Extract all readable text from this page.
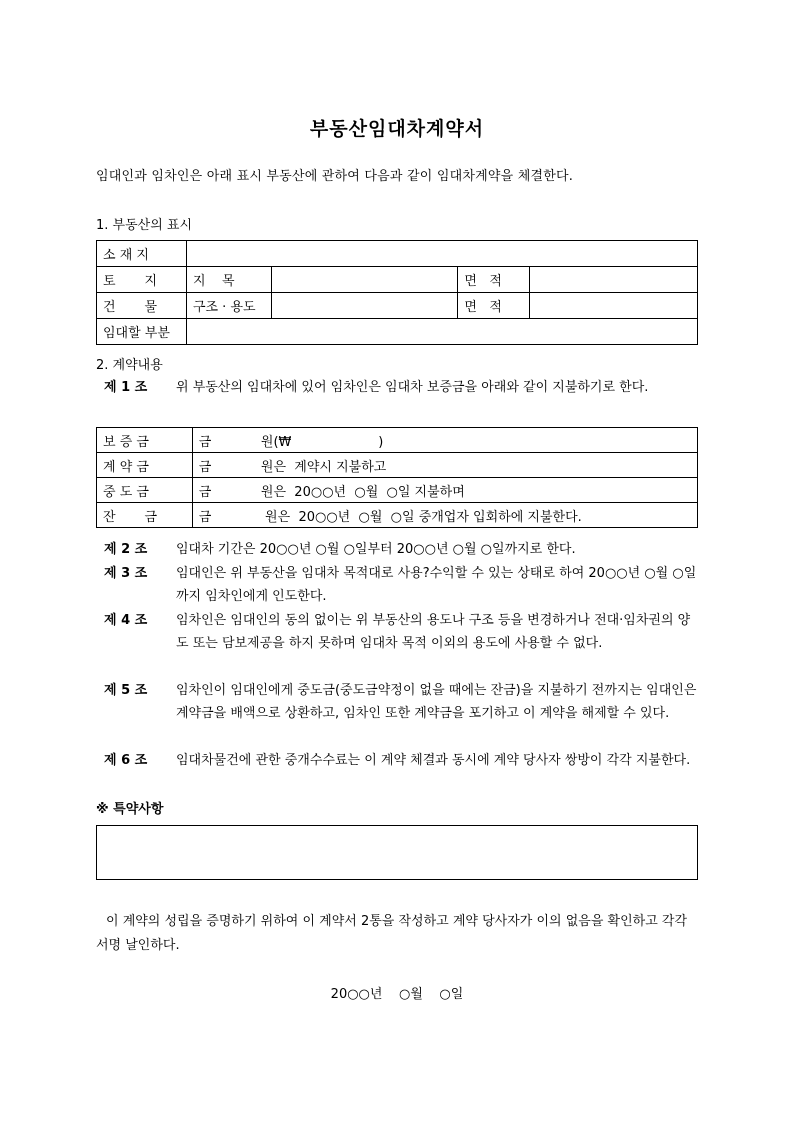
부동산임대차계약서
임대인과 임차인은 아래 표시 부동산에 관하여 다음과 같이 임대차계약을 체결한다.
1. 부동산의 표시
소 재 지				
토       지	지    목		면   적	
건       물	구조 · 용도		면   적	
임대할 부분				
2. 계약내용
제 1 조 위 부동산의 임대차에 있어 임차인은 임대차 보증금을 아래와 같이 지불하기로 한다.
보 증 금	금            원(₩                     )
계 약 금	금            원은  계약시 지불하고
중 도 금	금            원은  20○○년  ○월  ○일 지불하며
잔       금	금             원은  20○○년  ○월  ○일 중개업자 입회하에 지불한다.
제 2 조 임대차 기간은 20○○년 ○월 ○일부터 20○○년 ○월 ○일까지로 한다.
제 3 조 임대인은 위 부동산을 임대차 목적대로 사용?수익할 수 있는 상태로 하여 20○○년 ○월 ○일까지 임차인에게 인도한다.
제 4 조 임차인은 임대인의 동의 없이는 위 부동산의 용도나 구조 등을 변경하거나 전대·임차권의 양도 또는 담보제공을 하지 못하며 임대차 목적 이외의 용도에 사용할 수 없다.
제 5 조 임차인이 임대인에게 중도금(중도금약정이 없을 때에는 잔금)을 지불하기 전까지는 임대인은 계약금을 배액으로 상환하고, 임차인 또한 계약금을 포기하고 이 계약을 해제할 수 있다.
제 6 조 임대차물건에 관한 중개수수료는 이 계약 체결과 동시에 계약 당사자 쌍방이 각각 지불한다.
※ 특약사항
이 계약의 성립을 증명하기 위하여 이 계약서 2통을 작성하고 계약 당사자가 이의 없음을 확인하고 각각 서명 날인하다.
20○○년    ○월    ○일
